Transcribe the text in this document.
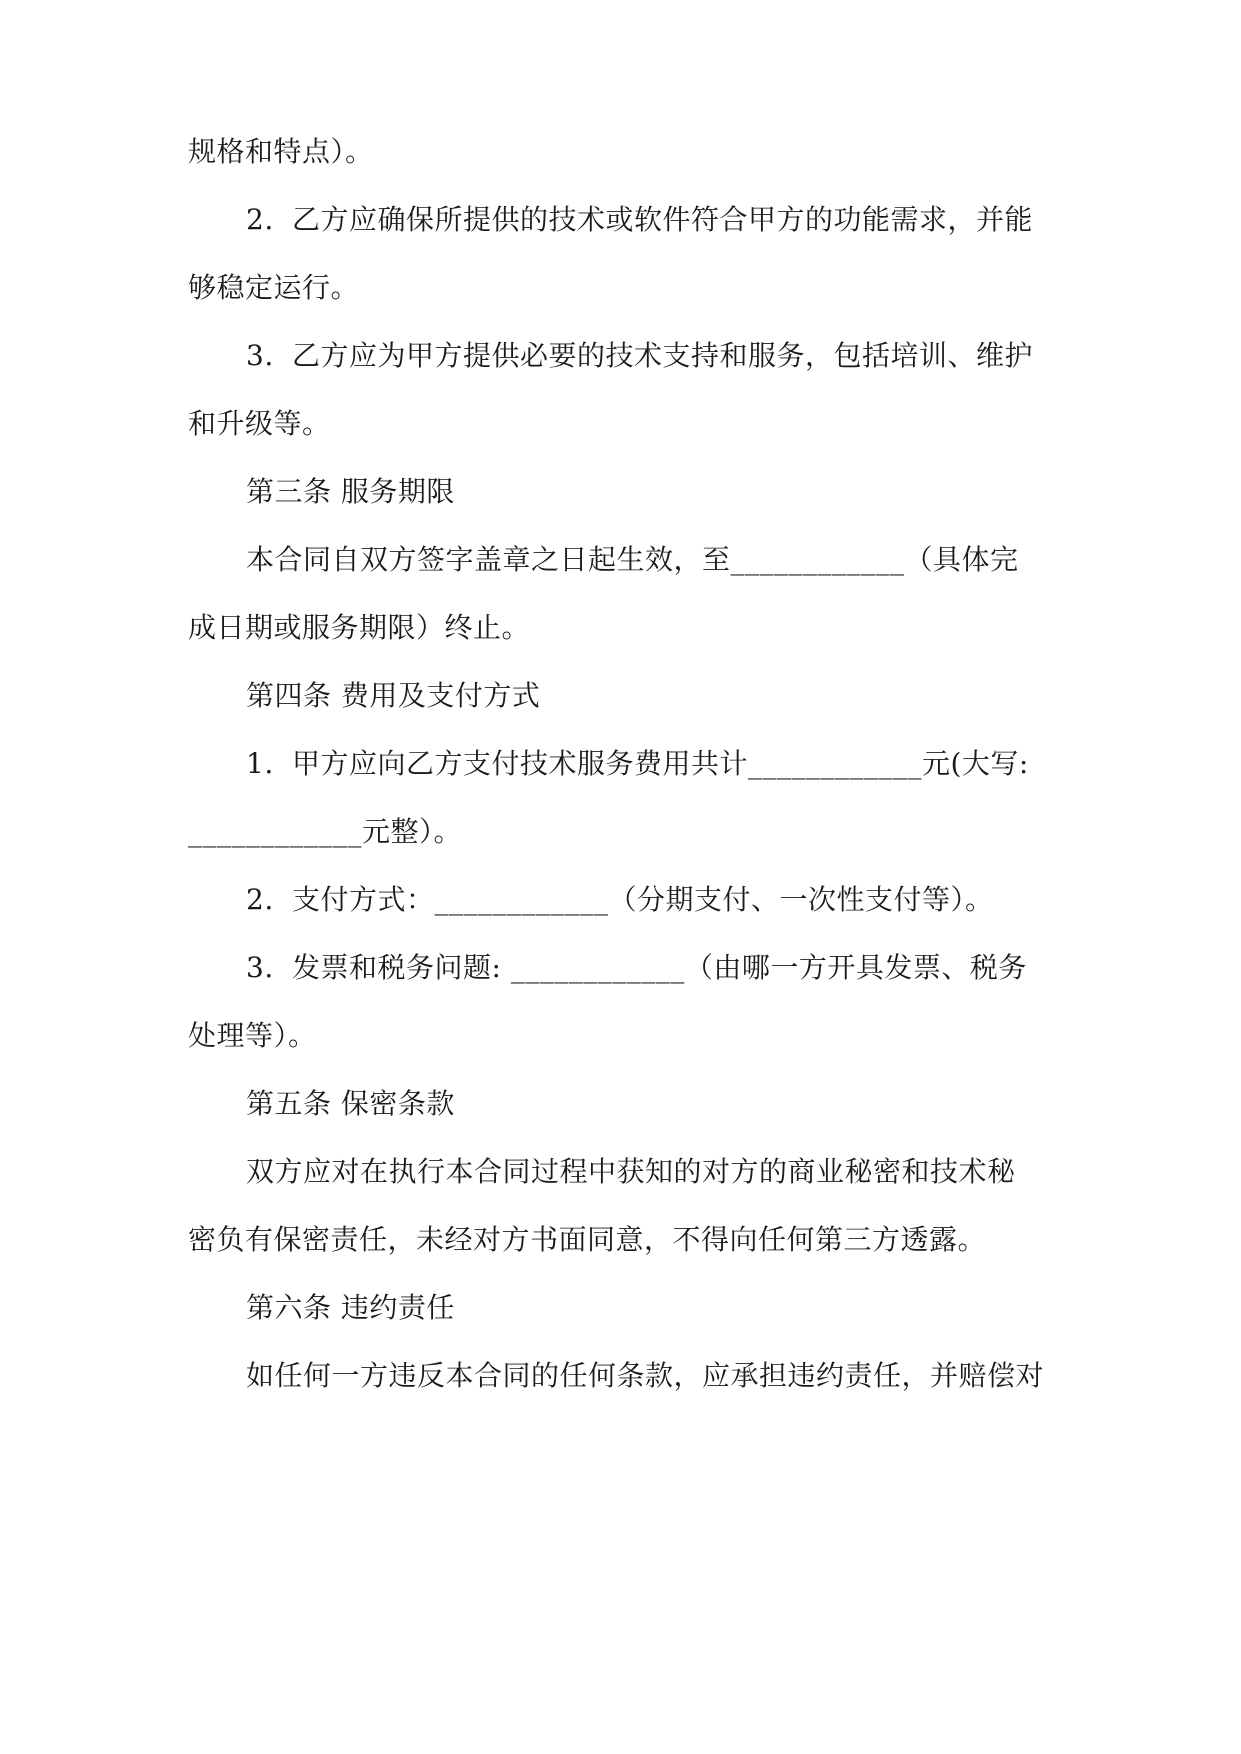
规格和特点）。
2. 乙方应确保所提供的技术或软件符合甲方的功能需求，并能
够稳定运行。
3. 乙方应为甲方提供必要的技术支持和服务，包括培训、维护
和升级等。
第三条 服务期限
本合同自双方签字盖章之日起生效，至____________（具体完
成日期或服务期限）终止。
第四条 费用及支付方式
1. 甲方应向乙方支付技术服务费用共计____________元(大写:
____________元整）。
2. 支付方式：____________（分期支付、一次性支付等）。
3. 发票和税务问题: ____________（由哪一方开具发票、税务
处理等）。
第五条 保密条款
双方应对在执行本合同过程中获知的对方的商业秘密和技术秘
密负有保密责任，未经对方书面同意，不得向任何第三方透露。
第六条 违约责任
如任何一方违反本合同的任何条款，应承担违约责任，并赔偿对
